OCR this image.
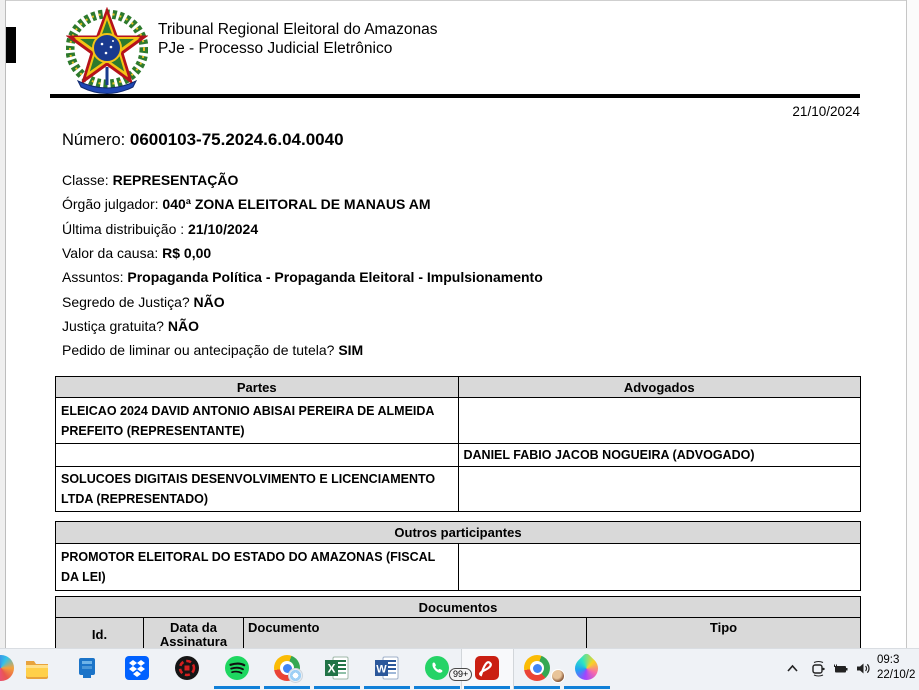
Tribunal Regional Eleitoral do Amazonas
PJe - Processo Judicial Eletrônico
21/10/2024
Número: 0600103-75.2024.6.04.0040
Classe: REPRESENTAÇÃO
Órgão julgador: 040ª ZONA ELEITORAL DE MANAUS AM
Última distribuição : 21/10/2024
Valor da causa: R$ 0,00
Assuntos: Propaganda Política - Propaganda Eleitoral - Impulsionamento
Segredo de Justiça? NÃO
Justiça gratuita? NÃO
Pedido de liminar ou antecipação de tutela? SIM
Partes	Advogados
ELEICAO 2024 DAVID ANTONIO ABISAI PEREIRA DE ALMEIDA PREFEITO (REPRESENTANTE)	
	DANIEL FABIO JACOB NOGUEIRA (ADVOGADO)
SOLUCOES DIGITAIS DESENVOLVIMENTO E LICENCIAMENTO LTDA (REPRESENTADO)	
Outros participantes
PROMOTOR ELEITORAL DO ESTADO DO AMAZONAS (FISCAL DA LEI)	
Documentos
Id.	Data da Assinatura	Documento	Tipo
X	W	99+
09:3
22/10/2
